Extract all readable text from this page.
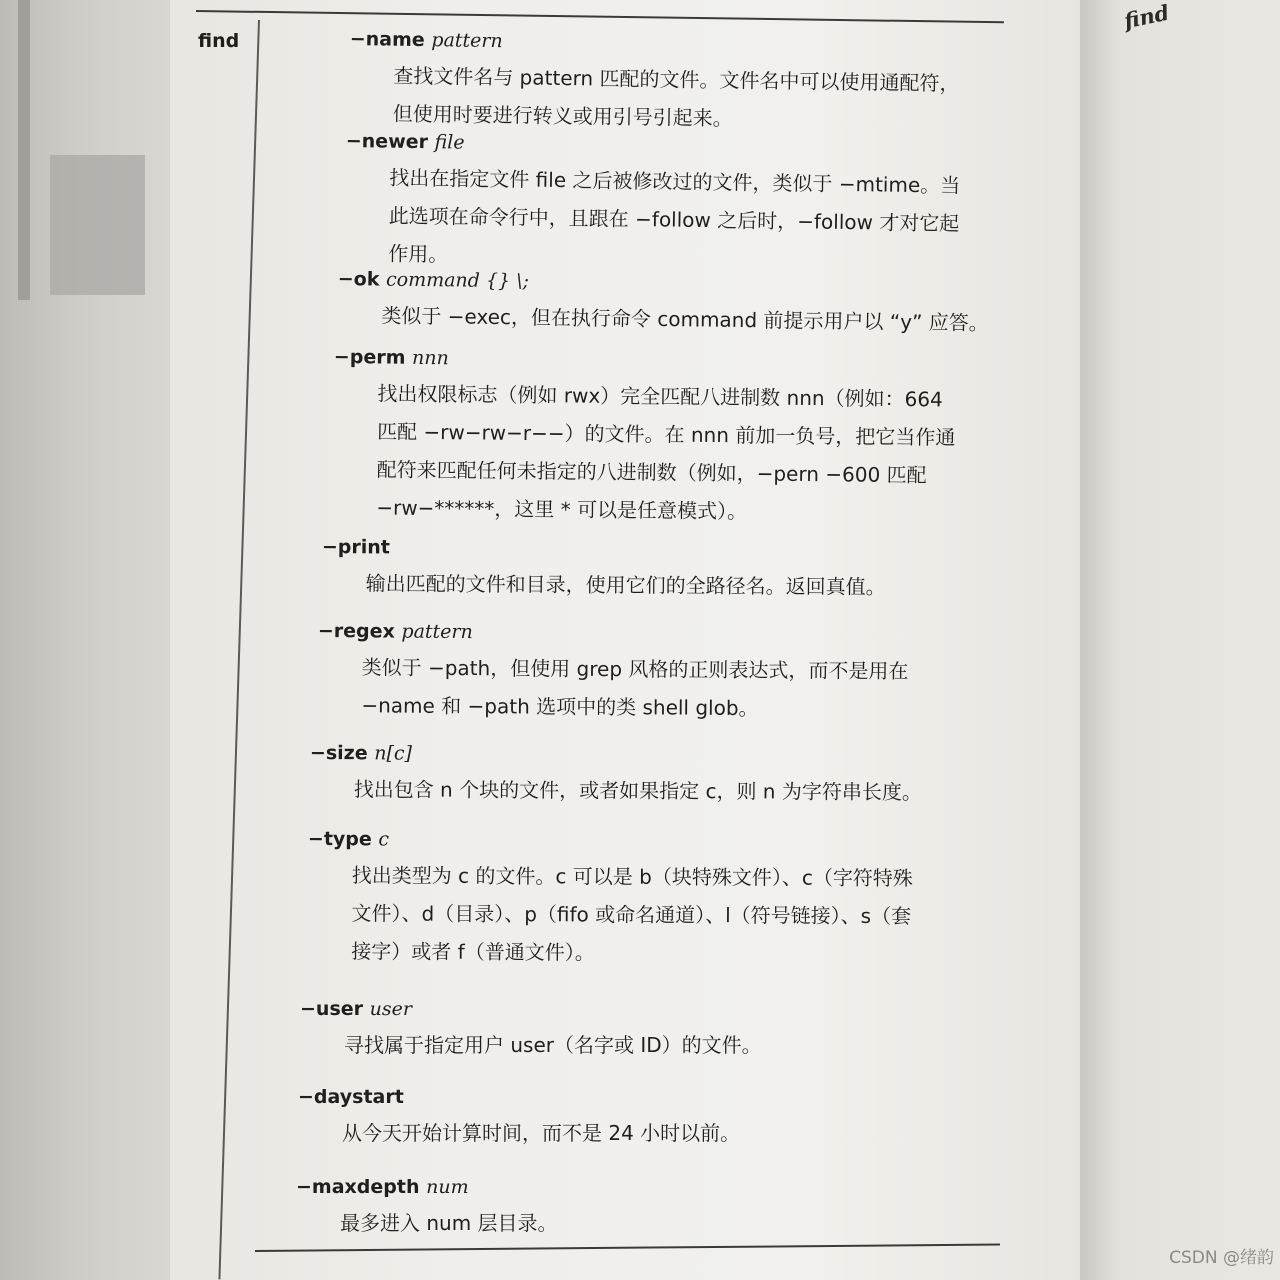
find
find
−name pattern
查找文件名与 pattern 匹配的文件。文件名中可以使用通配符，
但使用时要进行转义或用引号引起来。
−newer file
找出在指定文件 file 之后被修改过的文件，类似于 −mtime。当
此选项在命令行中，且跟在 −follow 之后时，−follow 才对它起
作用。
−ok command {} \;
类似于 −exec，但在执行命令 command 前提示用户以 “y” 应答。
−perm nnn
找出权限标志（例如 rwx）完全匹配八进制数 nnn（例如：664
匹配 −rw−rw−r−−）的文件。在 nnn 前加一负号，把它当作通
配符来匹配任何未指定的八进制数（例如，−pern −600 匹配
−rw−******，这里 * 可以是任意模式）。
−print
输出匹配的文件和目录，使用它们的全路径名。返回真值。
−regex pattern
类似于 −path，但使用 grep 风格的正则表达式，而不是用在
−name 和 −path 选项中的类 shell glob。
−size n[c]
找出包含 n 个块的文件，或者如果指定 c，则 n 为字符串长度。
−type c
找出类型为 c 的文件。c 可以是 b（块特殊文件）、c（字符特殊
文件）、d（目录）、p（fifo 或命名通道）、l（符号链接）、s（套
接字）或者 f（普通文件）。
−user user
寻找属于指定用户 user（名字或 ID）的文件。
−daystart
从今天开始计算时间，而不是 24 小时以前。
−maxdepth num
最多进入 num 层目录。
CSDN @绪韵
